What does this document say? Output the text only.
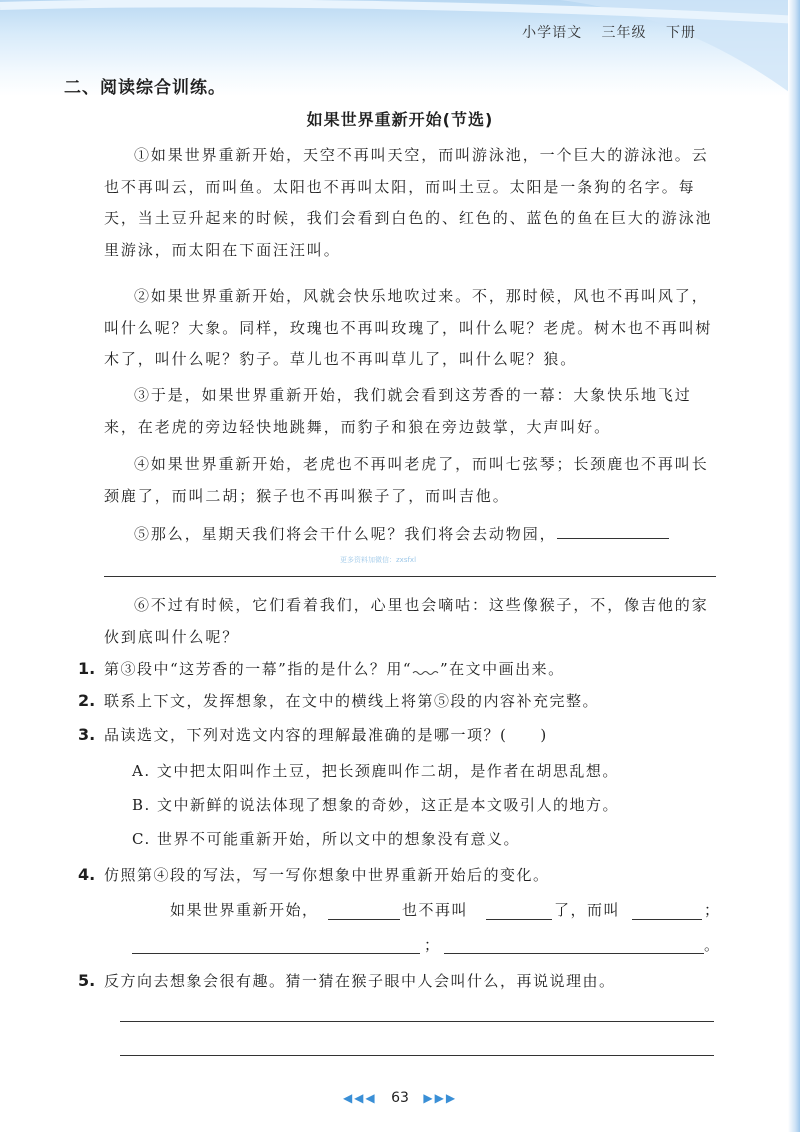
小学语文 三年级 下册
二、阅读综合训练。
如果世界重新开始(节选)

①如果世界重新开始，天空不再叫天空，而叫游泳池，一个巨大的游泳池。云也不再叫云，而叫鱼。太阳也不再叫太阳，而叫土豆。太阳是一条狗的名字。每天，当土豆升起来的时候，我们会看到白色的、红色的、蓝色的鱼在巨大的游泳池里游泳，而太阳在下面汪汪叫。

②如果世界重新开始，风就会快乐地吹过来。不，那时候，风也不再叫风了，叫什么呢？大象。同样，玫瑰也不再叫玫瑰了，叫什么呢？老虎。树木也不再叫树木了，叫什么呢？豹子。草儿也不再叫草儿了，叫什么呢？狼。

③于是，如果世界重新开始，我们就会看到这芳香的一幕：大象快乐地飞过来，在老虎的旁边轻快地跳舞，而豹子和狼在旁边鼓掌，大声叫好。

④如果世界重新开始，老虎也不再叫老虎了，而叫七弦琴；长颈鹿也不再叫长颈鹿了，而叫二胡；猴子也不再叫猴子了，而叫吉他。

⑤那么，星期天我们将会干什么呢？我们将会去动物园，

更多资料加微信：zxsfxl

⑥不过有时候，它们看着我们，心里也会嘀咕：这些像猴子，不，像吉他的家伙到底叫什么呢？

1. 第③段中“这芳香的一幕”指的是什么？用“ ”在文中画出来。
2. 联系上下文，发挥想象，在文中的横线上将第⑤段的内容补充完整。
3. 品读选文，下列对选文内容的理解最准确的是哪一项？(　　)
A. 文中把太阳叫作土豆，把长颈鹿叫作二胡，是作者在胡思乱想。
B. 文中新鲜的说法体现了想象的奇妙，这正是本文吸引人的地方。
C. 世界不可能重新开始，所以文中的想象没有意义。
4. 仿照第④段的写法，写一写你想象中世界重新开始后的变化。
如果世界重新开始，	也不再叫	了，而叫	；
；	。
5. 反方向去想象会很有趣。猜一猜在猴子眼中人会叫什么，再说说理由。
◀◀◀ 63 ▶▶▶
